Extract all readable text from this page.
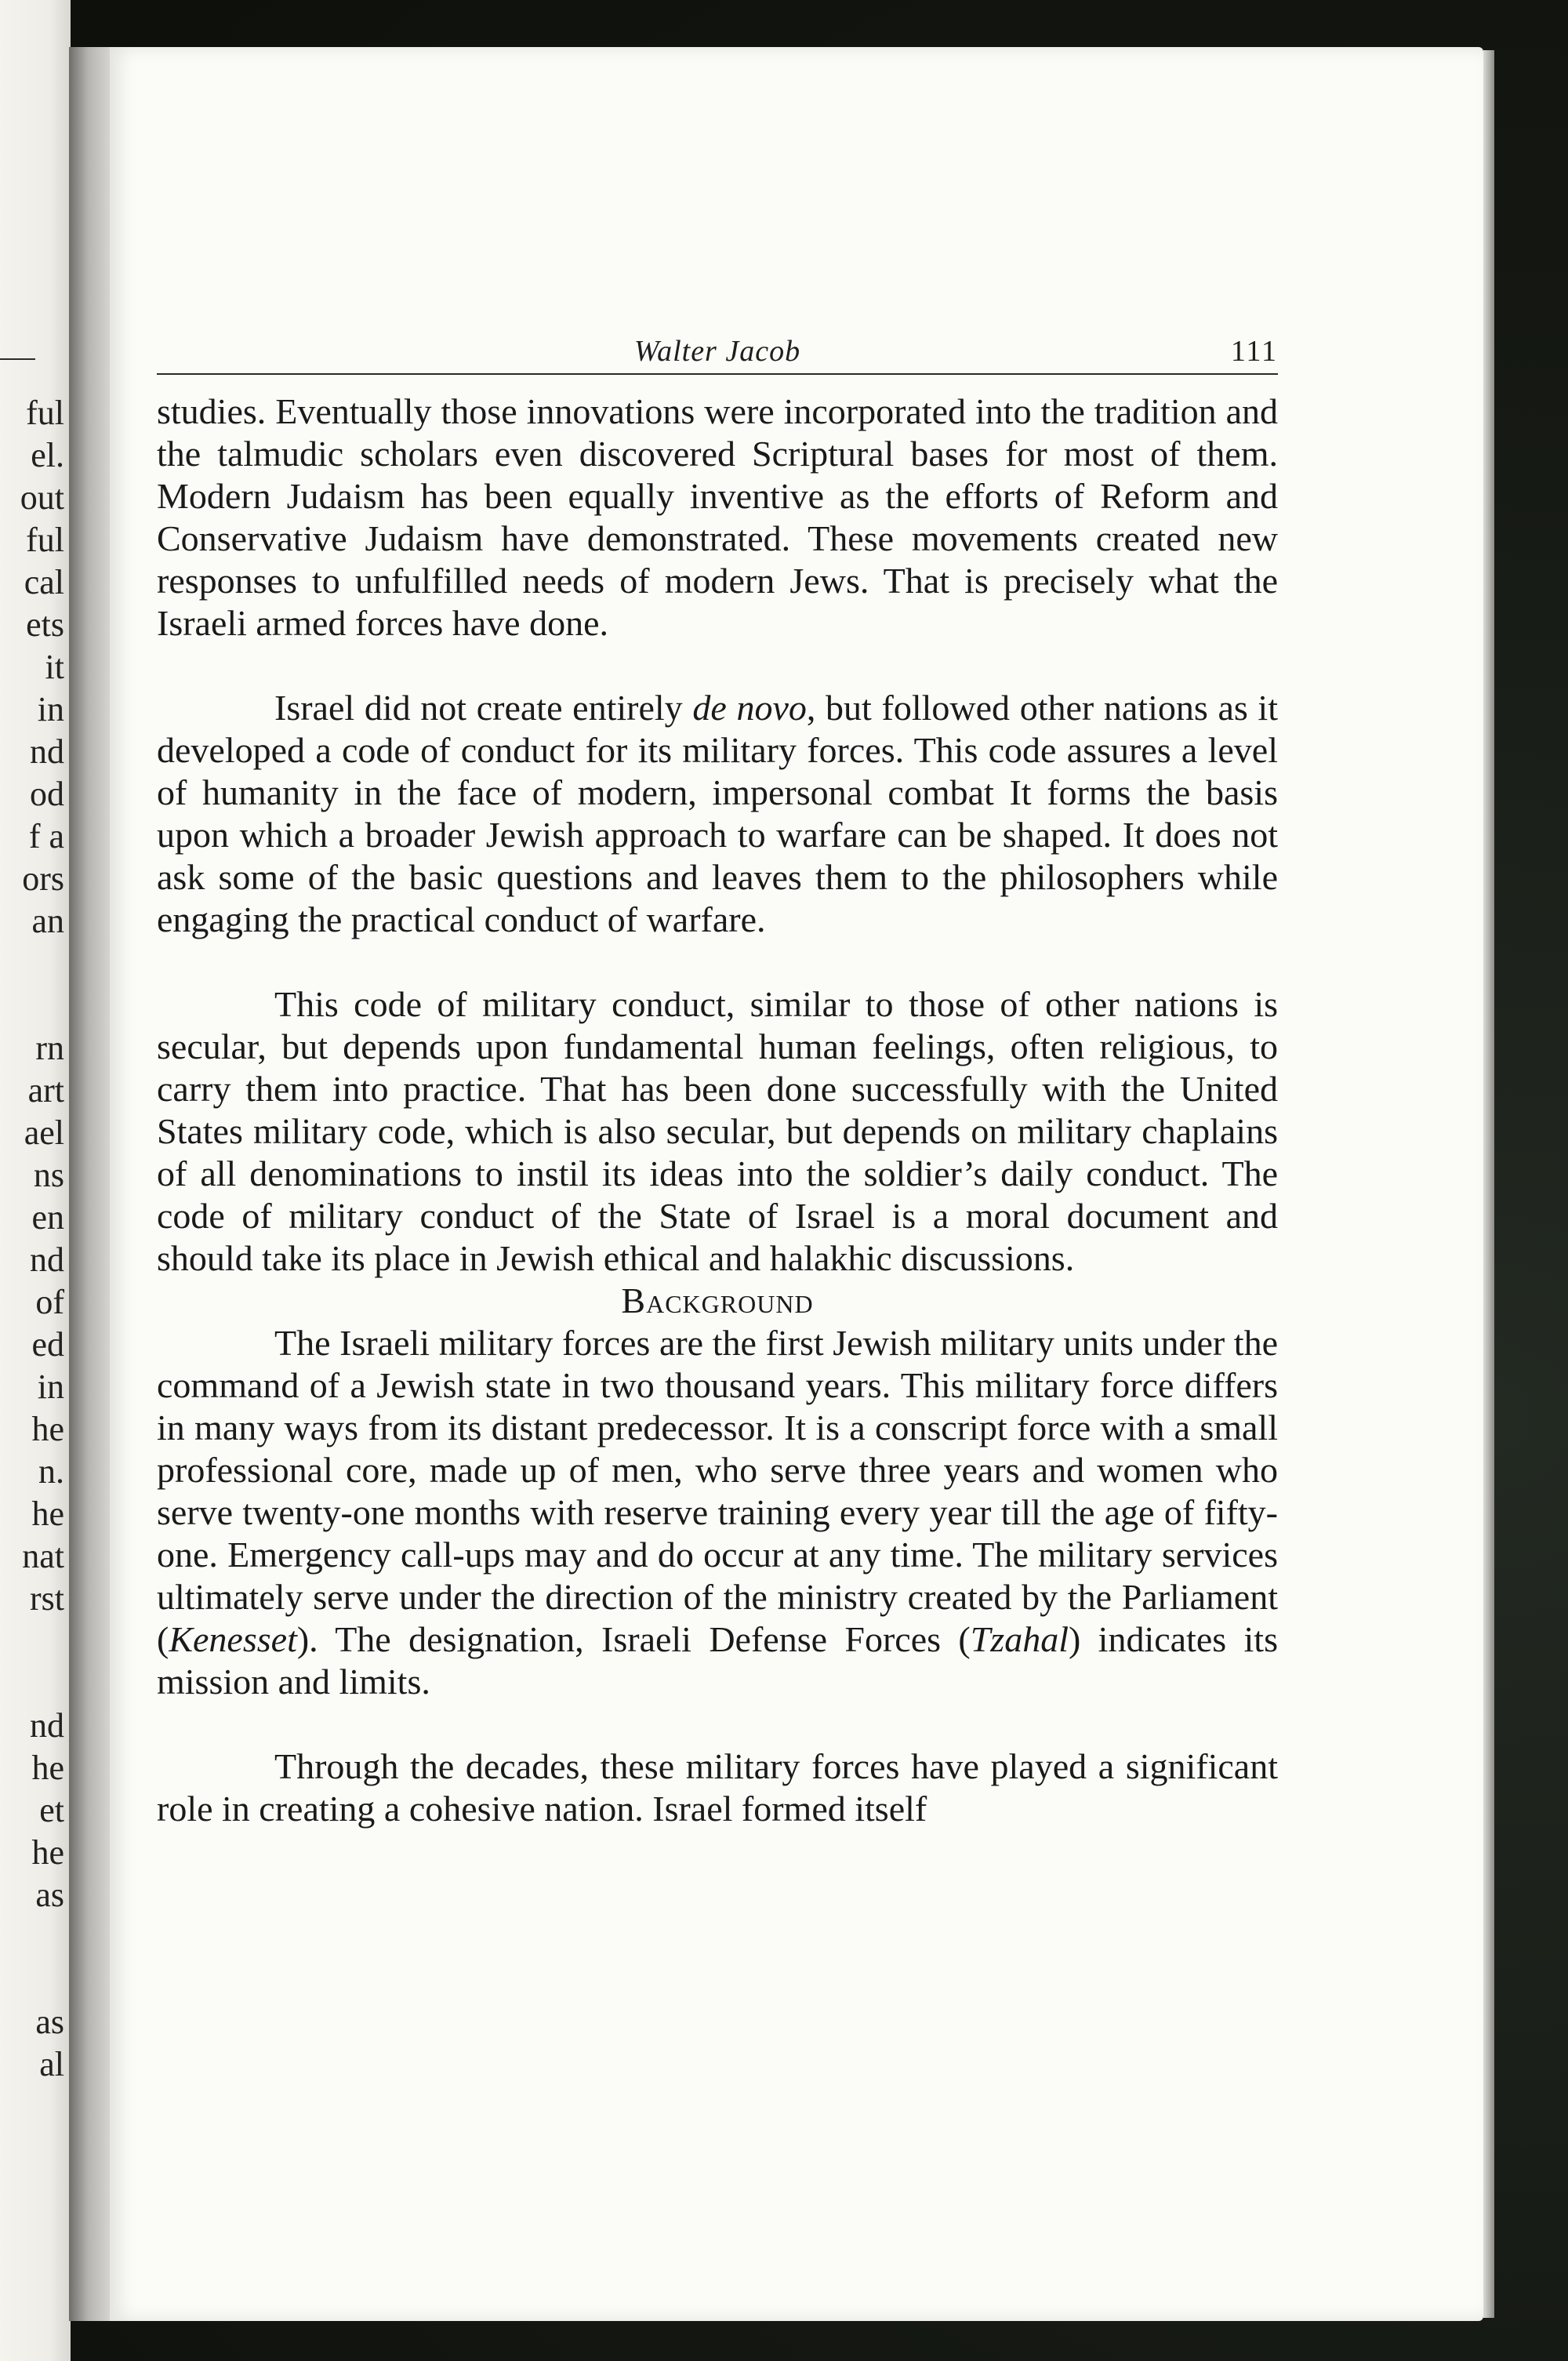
ful
el.
out
ful
cal
ets
it
in
nd
od
f a
ors
an
rn
art
ael
ns
en
nd
of
ed
in
he
n.
he
nat
rst
nd
he
et
he
as
as
al
Walter Jacob	111

studies. Eventually those innovations were incorporated into the tradition and the talmudic scholars even discovered Scriptural bases for most of them. Modern Judaism has been equally inventive as the efforts of Reform and Conservative Judaism have demonstrated. These movements created new responses to unfulfilled needs of modern Jews. That is precisely what the Israeli armed forces have done.

Israel did not create entirely de novo, but followed other nations as it developed a code of conduct for its military forces. This code assures a level of humanity in the face of modern, impersonal combat It forms the basis upon which a broader Jewish approach to warfare can be shaped. It does not ask some of the basic questions and leaves them to the philosophers while engaging the practical conduct of warfare.

This code of military conduct, similar to those of other nations is secular, but depends upon fundamental human feelings, often religious, to carry them into practice. That has been done successfully with the United States military code, which is also secular, but depends on military chaplains of all denominations to instil its ideas into the soldier’s daily conduct. The code of military conduct of the State of Israel is a moral document and should take its place in Jewish ethical and halakhic discussions.

Background

The Israeli military forces are the first Jewish military units under the command of a Jewish state in two thousand years. This military force differs in many ways from its distant predecessor. It is a conscript force with a small professional core, made up of men, who serve three years and women who serve twenty-one months with reserve training every year till the age of fifty-one. Emergency call-ups may and do occur at any time. The military services ultimately serve under the direction of the ministry created by the Parliament (Kenesset). The designation, Israeli Defense Forces (Tzahal) indicates its mission and limits.

Through the decades, these military forces have played a significant role in creating a cohesive nation. Israel formed itself
